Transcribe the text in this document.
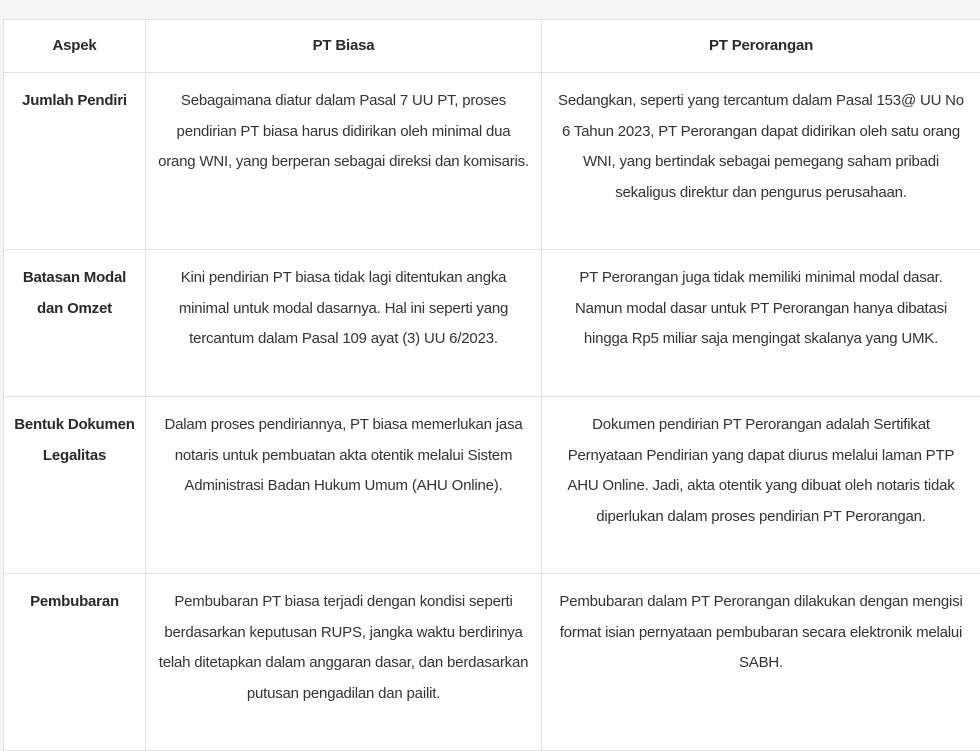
Aspek	PT Biasa	PT Perorangan
Jumlah Pendiri	Sebagaimana diatur dalam Pasal 7 UU PT, proses pendirian PT biasa harus didirikan oleh minimal dua orang WNI, yang berperan sebagai direksi dan komisaris.	Sedangkan, seperti yang tercantum dalam Pasal 153@ UU No 6 Tahun 2023, PT Perorangan dapat didirikan oleh satu orang WNI, yang bertindak sebagai pemegang saham pribadi sekaligus direktur dan pengurus perusahaan.
Batasan Modal dan Omzet	Kini pendirian PT biasa tidak lagi ditentukan angka minimal untuk modal dasarnya. Hal ini seperti yang tercantum dalam Pasal 109 ayat (3) UU 6/2023.	PT Perorangan juga tidak memiliki minimal modal dasar. Namun modal dasar untuk PT Perorangan hanya dibatasi hingga Rp5 miliar saja mengingat skalanya yang UMK.
Bentuk Dokumen Legalitas	Dalam proses pendiriannya, PT biasa memerlukan jasa notaris untuk pembuatan akta otentik melalui Sistem Administrasi Badan Hukum Umum (AHU Online).	Dokumen pendirian PT Perorangan adalah Sertifikat Pernyataan Pendirian yang dapat diurus melalui laman PTP AHU Online. Jadi, akta otentik yang dibuat oleh notaris tidak diperlukan dalam proses pendirian PT Perorangan.
Pembubaran	Pembubaran PT biasa terjadi dengan kondisi seperti berdasarkan keputusan RUPS, jangka waktu berdirinya telah ditetapkan dalam anggaran dasar, dan berdasarkan putusan pengadilan dan pailit.	Pembubaran dalam PT Perorangan dilakukan dengan mengisi format isian pernyataan pembubaran secara elektronik melalui SABH.
